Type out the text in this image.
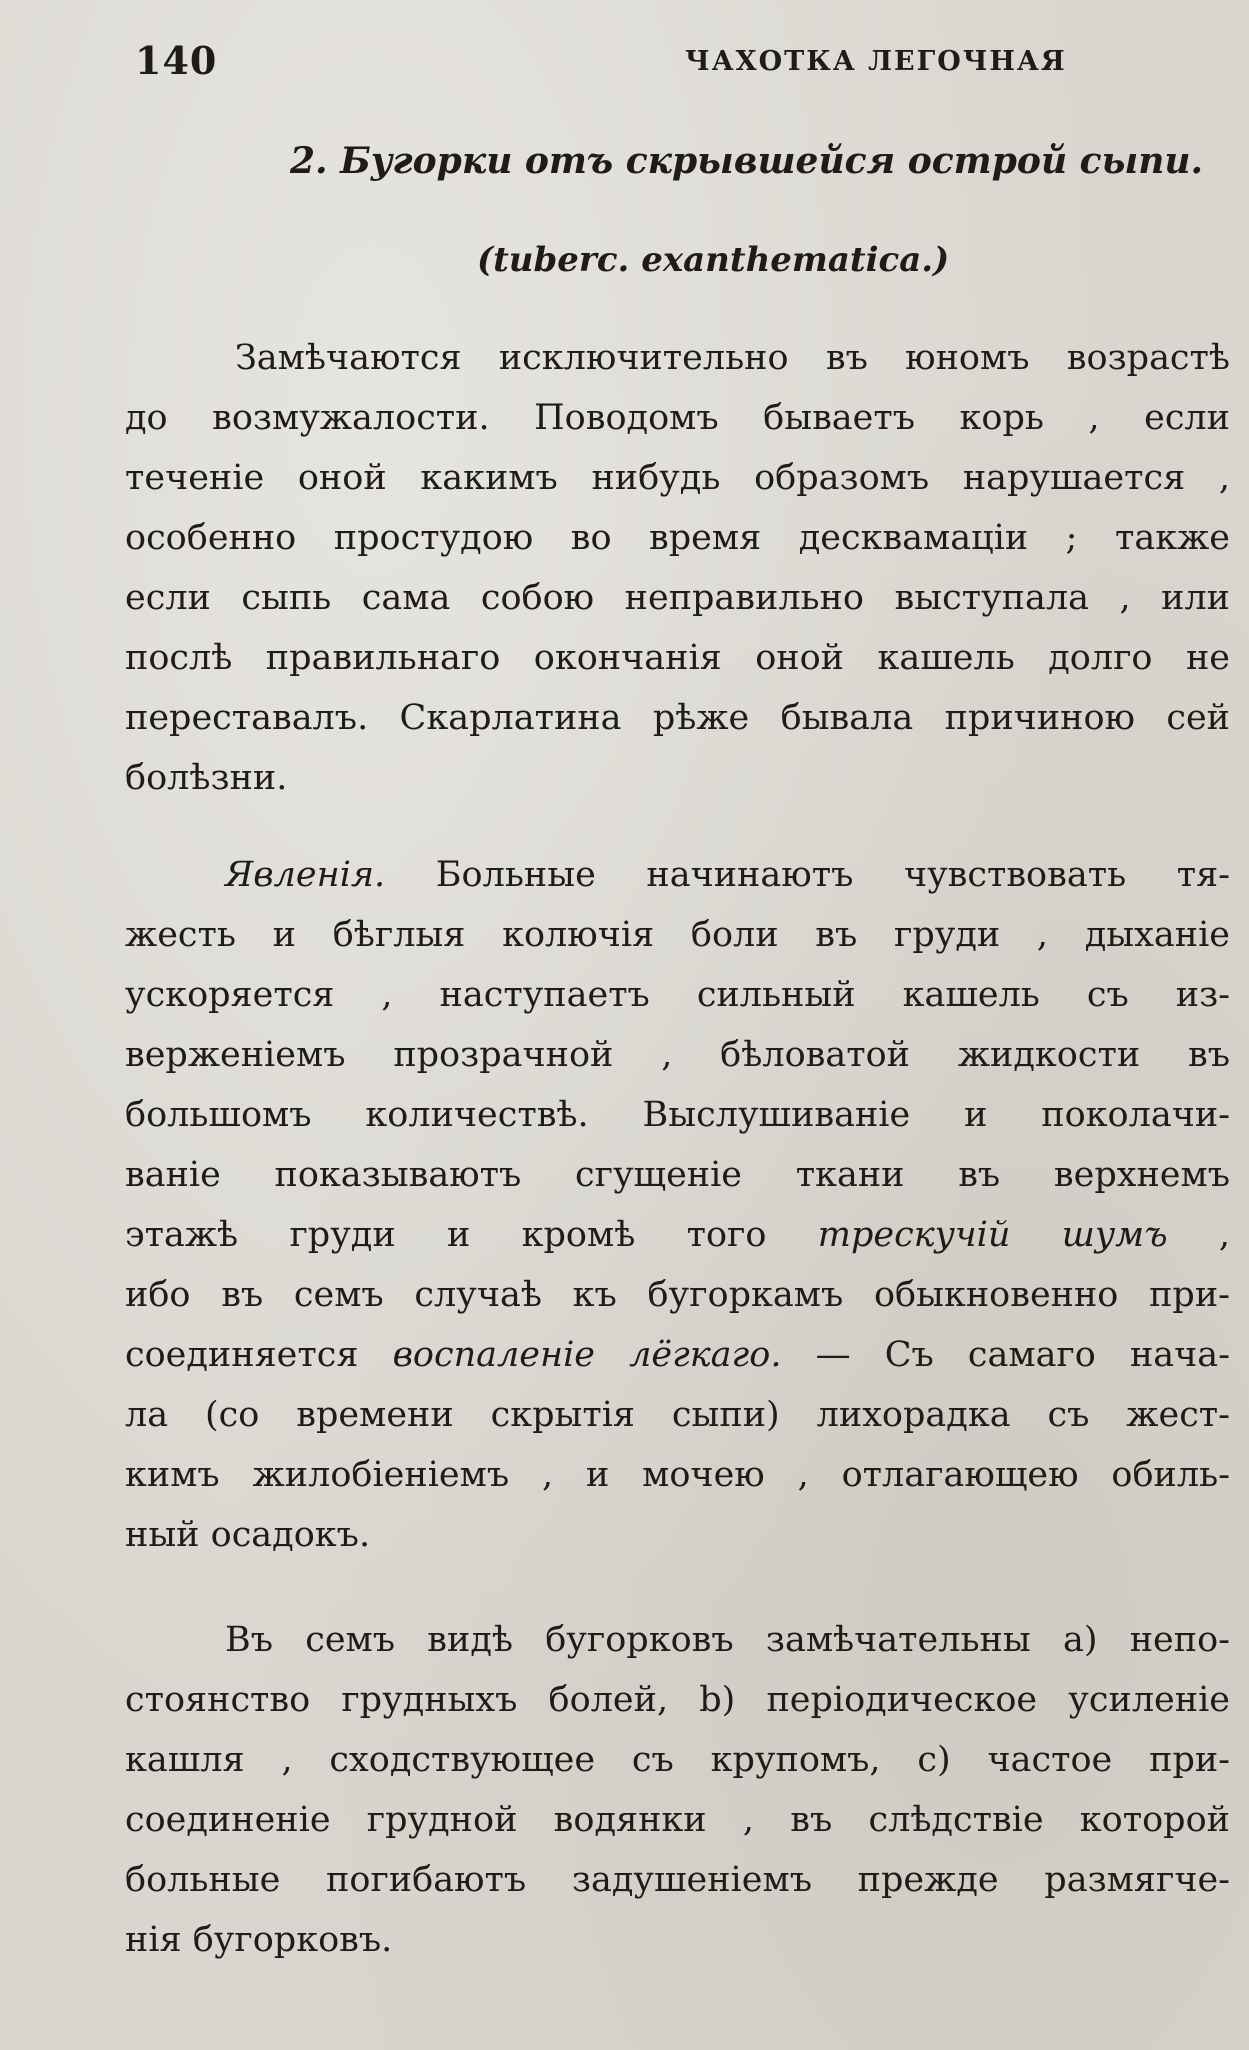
140	ЧАХОТКА ЛЕГОЧНАЯ
2. Бугорки отъ скрывшейся острой сыпи.
(tuberc. exanthematica.)
Замѣчаются исключительно въ юномъ возрастѣ
до возмужалости. Поводомъ бываетъ корь , если
теченіе оной какимъ нибудь образомъ нарушается ,
особенно простудою во время десквамаціи ; также
если сыпь сама собою неправильно выступала , или
послѣ правильнаго окончанія оной кашель долго не
переставалъ. Скарлатина рѣже бывала причиною сей
болѣзни.
Явленія. Больные начинаютъ чувствовать тя-
жесть и бѣглыя колючія боли въ груди , дыханіе
ускоряется , наступаетъ сильный кашель съ из-
верженіемъ прозрачной , бѣловатой жидкости въ
большомъ количествѣ. Выслушиваніе и поколачи-
ваніе показываютъ сгущеніе ткани въ верхнемъ
этажѣ груди и кромѣ того трескучій шумъ ,
ибо въ семъ случаѣ къ бугоркамъ обыкновенно при-
соединяется воспаленіе лёгкаго. — Съ самаго нача-
ла (со времени скрытія сыпи) лихорадка съ жест-
кимъ жилобіеніемъ , и мочею , отлагающею обиль-
ный осадокъ.
Въ семъ видѣ бугорковъ замѣчательны а) непо-
стоянство грудныхъ болей, b) періодическое усиленіе
кашля , сходствующее съ крупомъ, с) частое при-
соединеніе грудной водянки , въ слѣдствіе которой
больные погибаютъ задушеніемъ прежде размягче-
нія бугорковъ.
